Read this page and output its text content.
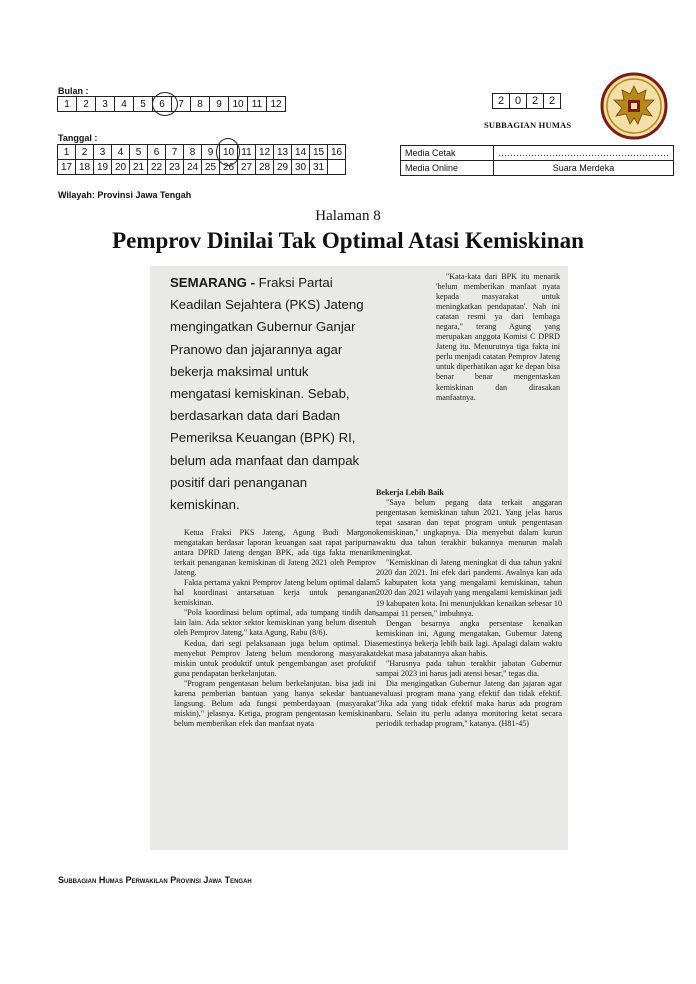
Bulan :
1	2	3	4	5	6	7	8	9	10	11	12
Tanggal :
1	2	3	4	5	6	7	8	9	10	11	12	13	14	15	16
17	18	19	20	21	22	23	24	25	26	27	28	29	30	31	
2	0	2	2
SUBBAGIAN HUMAS
Media Cetak	…………………………………………………
Media Online	Suara Merdeka
Wilayah: Provinsi Jawa Tengah
Halaman 8
Pemprov Dinilai Tak Optimal Atasi Kemiskinan
SEMARANG - Fraksi Partai Keadilan Sejahtera (PKS) Jateng mengingatkan Gubernur Ganjar Pranowo dan jajarannya agar bekerja maksimal untuk mengatasi kemiskinan. Sebab, berdasarkan data dari Badan Pemeriksa Keuangan (BPK) RI, belum ada manfaat dan dampak positif dari penanganan kemiskinan.

"Kata-kata dari BPK itu menarik 'belum memberikan manfaat nyata kepada masyarakat untuk meningkatkan pendapatan'. Nah ini catatan resmi ya dari lembaga negara," terang Agung yang merupakan anggota Komisi C DPRD Jateng itu. Menurutnya tiga fakta ini perlu menjadi catatan Pemprov Jateng untuk diperhatikan agar ke depan bisa benar benar mengentaskan kemiskinan dan dirasakan manfaatnya.

Ketua Fraksi PKS Jateng, Agung Budi Margono mengatakan berdasar laporan keuangan saat rapat paripurna antara DPRD Jateng dengan BPK, ada tiga fakta menarik terkait penanganan kemiskinan di Jateng 2021 oleh Pemprov Jateng.

Fakta pertama yakni Pemprov Jateng belum optimal dalam hal koordinasi antarsatuan kerja untuk penanganan kemiskinan.

"Pola koordinasi belum optimal, ada tumpang tindih dan lain lain. Ada sektor sektor kemiskinan yang belum disentuh oleh Pemprov Jateng," kata Agung, Rabu (8/6).

Kedua, dari segi pelaksanaan juga belum optimal. Dia menyebut Pemprov Jateng belum mendorong masyarakat miskin untuk produktif untuk pengembangan aset profuktif guna pendapatan berkelanjutan.

"Program pengentasan belum berkelanjutan. bisa jadi ini karena pemberian bantuan yang hanya sekedar bantuan langsung. Belum ada fungsi pemberdayaan (masyarakat miskin)," jelasnya. Ketiga, program pengentasan kemiskinan belum memberikan efek dan manfaat nyata

Bekerja Lebih Baik

"Saya belum pegang data terkait anggaran pengentasan kemiskinan tahun 2021. Yang jelas harus tepat sasaran dan tepat program untuk pengentasan kemiskinan," ungkapnya. Dia menyebut dalam kurun waktu dua tahun terakhir bukannya menurun malah meningkat.

"Kemiskinan di Jateng meningkat di dua tahun yakni 2020 dan 2021. Ini efek dari pandemi. Awalnya kan ada 5 kabupaten kota yang mengalami kemiskinan, tahun 2020 dan 2021 wilayah yang mengalami kemiskinan jadi 19 kabupaten kota. Ini menunjukkan kenaikan sebesar 10 sampai 11 persen," imbuhnya.

Dengan besarnya angka persentase kenaikan kemiskinan ini, Agung mengatakan, Gubernur Jateng semestinya bekerja lebih baik lagi. Apalagi dalam waktu dekat masa jabatannya akan habis.

"Harusnya pada tahun terakhir jabatan Gubernur sampai 2023 ini harus jadi atensi besar," tegas dia.

Dia mengingatkan Gubernur Jateng dan jajaran agar evaluasi program mana yang efektif dan tidak efektif. "Jika ada yang tidak efektif maka harus ada program baru. Selain itu perlu adanya monitoring ketat secara periodik terhadap program," katanya. (H81-45)

Subbagian Humas Perwakilan Provinsi Jawa Tengah
